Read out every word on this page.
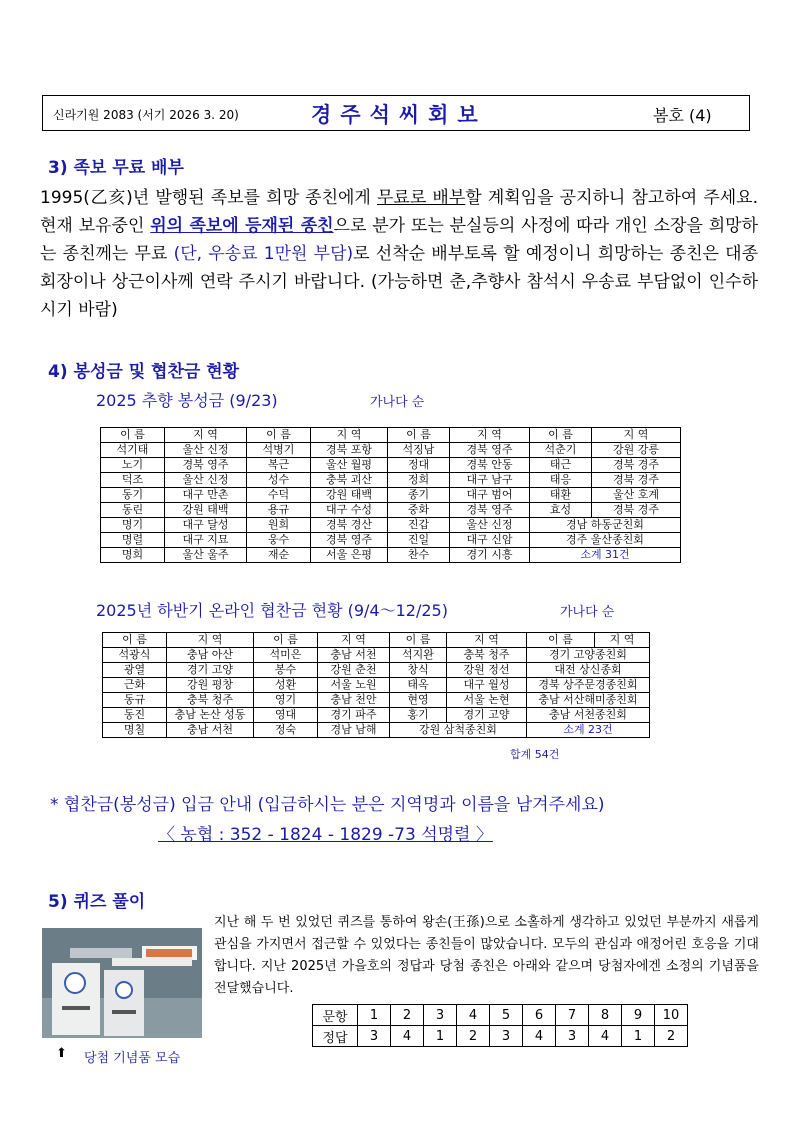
신라기원 2083 (서기 2026 3. 20)	경주석씨회보	봄호 (4)
3) 족보 무료 배부
1995(乙亥)년 발행된 족보를 희망 종친에게 무료로 배부할 계획임을 공지하니 참고하여 주세요. 현재 보유중인 위의 족보에 등재된 종친으로 분가 또는 분실등의 사정에 따라 개인 소장을 희망하는 종친께는 무료 (단, 우송료 1만원 부담)로 선착순 배부토록 할 예정이니 희망하는 종친은 대종회장이나 상근이사께 연락 주시기 바랍니다. (가능하면 춘,추향사 참석시 우송료 부담없이 인수하시기 바람)
4) 봉성금 및 협찬금 현황
2025 추향 봉성금 (9/23)	가나다 순
이 름	지 역	이 름	지 역	이 름	지 역	이 름	지 역
석기태	울산 신정	석병기	경북 포항	석징남	경북 영주	석춘기	강원 강릉
노기	경북 영주	복근	울산 월평	정대	경북 안동	태근	경북 경주
덕조	울산 신정	성수	충북 괴산	정희	대구 남구	태응	경북 경주
동기	대구 만촌	수덕	강원 태백	종기	대구 범어	태환	울산 호계
동린	강원 태백	용규	대구 수성	중화	경북 영주	효성	경북 경주
명기	대구 달성	원희	경북 경산	진갑	울산 신정	경남 하동군친회	
명렬	대구 지묘	웅수	경북 영주	진일	대구 신암	경주 울산종친회	
명희	울산 울주	재순	서울 은평	찬수	경기 시흥	소계 31건	
2025년 하반기 온라인 협찬금 현황 (9/4～12/25)	가나다 순
이 름	지 역	이 름	지 역	이 름	지 역	이 름	지 역
석광식	충남 아산	석미은	충남 서천	석지완	충북 청주	경기 고양종친회	
광열	경기 고양	봉수	강원 춘천	창식	강원 정선	대전 상신종회	
근화	강원 평창	성환	서울 노원	태옥	대구 월성	경북 상주문경종친회	
동규	충북 청주	영기	충남 천안	현영	서울 논현	충남 서산해미종친회	
동진	충남 논산 성동	영대	경기 파주	홍기	경기 고양	충남 서천종친회	
명칠	충남 서천	정숙	경남 남해	강원 삼척종친회		소계 23건	
합계 54건
* 협찬금(봉성금) 입금 안내 (입금하시는 분은 지역명과 이름을 남겨주세요)
〈 농협 : 352 - 1824 - 1829 -73 석명렬 〉
5) 퀴즈 풀이
지난 해 두 번 있었던 퀴즈를 통하여 왕손(王孫)으로 소홀하게 생각하고 있었던 부분까지 새롭게 관심을 가지면서 접근할 수 있었다는 종친들이 많았습니다. 모두의 관심과 애정어린 호응을 기대합니다. 지난 2025년 가을호의 정답과 당첨 종친은 아래와 같으며 당첨자에겐 소정의 기념품을 전달했습니다.
⬆ 당첨 기념품 모습
문항	1	2	3	4	5	6	7	8	9	10
정답	3	4	1	2	3	4	3	4	1	2
